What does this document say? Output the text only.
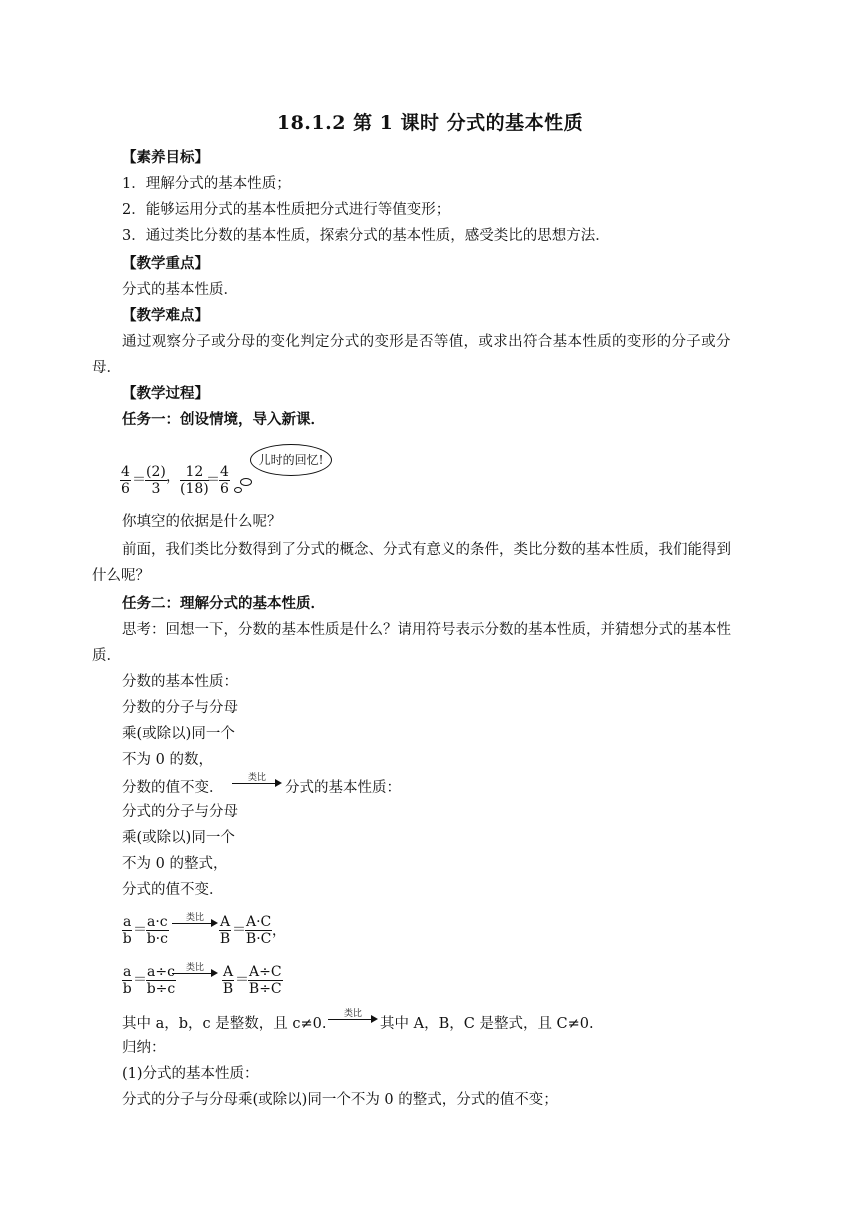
18.1.2 第 1 课时 分式的基本性质
【素养目标】
1．理解分式的基本性质；
2．能够运用分式的基本性质把分式进行等值变形；
3．通过类比分数的基本性质，探索分式的基本性质，感受类比的思想方法．
【教学重点】
分式的基本性质．
【教学难点】
通过观察分子或分母的变化判定分式的变形是否等值，或求出符合基本性质的变形的分子或分
母．
【教学过程】
任务一：创设情境，导入新课．
$\frac{4}{6} = \frac{(2)}{3}$ ， $\frac{12}{(18)}$
＝ $\frac{4}{6}$
儿时的回忆!
你填空的依据是什么呢？
前面，我们类比分数得到了分式的概念、分式有意义的条件，类比分数的基本性质，我们能得到
什么呢？
任务二：理解分式的基本性质．
思考：回想一下，分数的基本性质是什么？请用符号表示分数的基本性质，并猜想分式的基本性
质．
分数的基本性质：
分数的分子与分母
乘(或除以)同一个
不为 0 的数，
分数的值不变．
类比
分式的基本性质：
分式的分子与分母
乘(或除以)同一个
不为 0 的整式，
分式的值不变．
$\frac{a}{b} = \frac{a\cdot c}{b\cdot c}$	类比	$\frac{A}{B} = \frac{A\cdot C}{B\cdot C}$ ，
$\frac{a}{b} = \frac{a\div c}{b\div c}$	类比	$\frac{A}{B} = \frac{A\div C}{B\div C}$
其中 a，b，c 是整数，且 c≠0.
类比
其中 A，B，C 是整式，且 C≠0.
归纳：
(1)分式的基本性质：
分式的分子与分母乘(或除以)同一个不为 0 的整式，分式的值不变；
